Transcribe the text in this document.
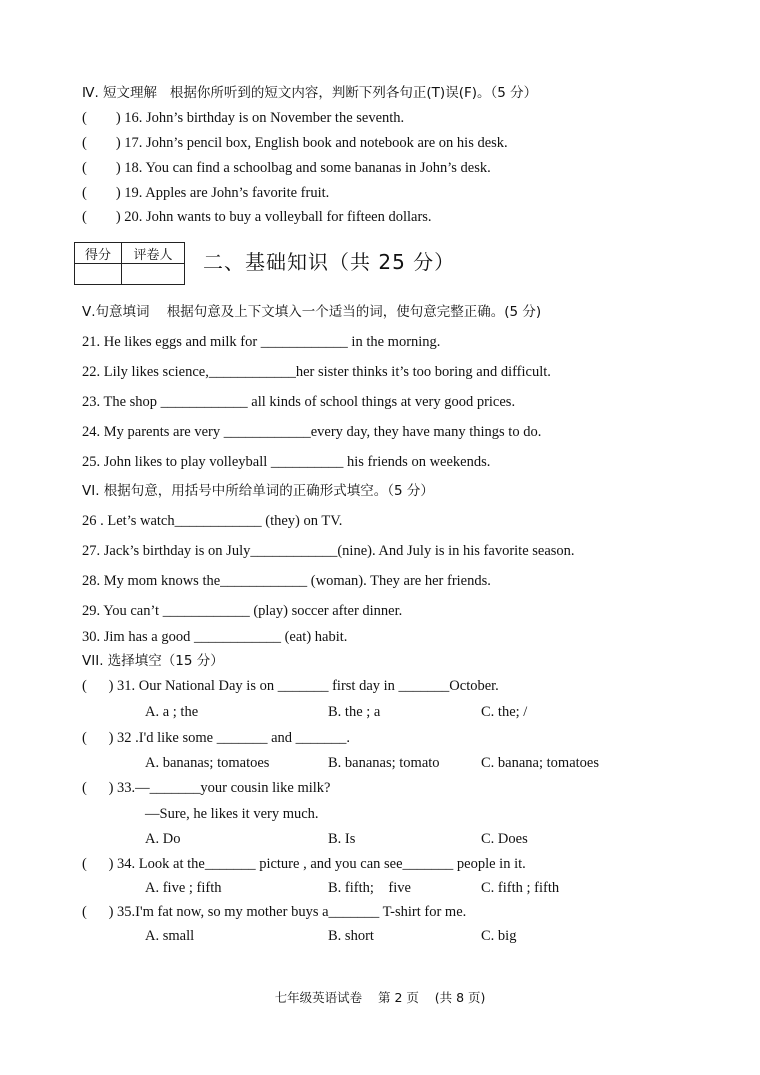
Ⅳ. 短文理解   根据你所听到的短文内容，判断下列各句正(T)误(F)。（5 分）
(        ) 16. John’s birthday is on November the seventh.
(        ) 17. John’s pencil box, English book and notebook are on his desk.
(        ) 18. You can find a schoolbag and some bananas in John’s desk.
(        ) 19. Apples are John’s favorite fruit.
(        ) 20. John wants to buy a volleyball for fifteen dollars.
得分	评卷人
	二、基础知识（共 25 分）
Ⅴ.句意填词    根据句意及上下文填入一个适当的词，使句意完整正确。(5 分)
21. He likes eggs and milk for ____________ in the morning.
22. Lily likes science,____________her sister thinks it’s too boring and difficult.
23. The shop ____________ all kinds of school things at very good prices.
24. My parents are very ____________every day, they have many things to do.
25. John likes to play volleyball __________ his friends on weekends.
VI. 根据句意，用括号中所给单词的正确形式填空。（5 分）
26 . Let’s watch____________ (they) on TV.
27. Jack’s birthday is on July____________(nine). And July is in his favorite season.
28. My mom knows the____________ (woman). They are her friends.
29. You can’t ____________ (play) soccer after dinner.
30. Jim has a good ____________ (eat) habit.
VII. 选择填空（15 分）
(      ) 31. Our National Day is on _______ first day in _______October.
A. a ; the	B. the ; a	C. the; /
(      ) 32 .I'd like some _______ and _______.
A. bananas; tomatoes	B. bananas; tomato	C. banana; tomatoes
(      ) 33.—_______your cousin like milk?
—Sure, he likes it very much.
A. Do	B. Is	C. Does
(      ) 34. Look at the_______ picture , and you can see_______ people in it.
A. five ; fifth	B. fifth;    five	C. fifth ; fifth
(      ) 35.I'm fat now, so my mother buys a_______ T-shirt for me.
A. small	B. short	C. big
七年级英语试卷    第 2 页    (共 8 页)
